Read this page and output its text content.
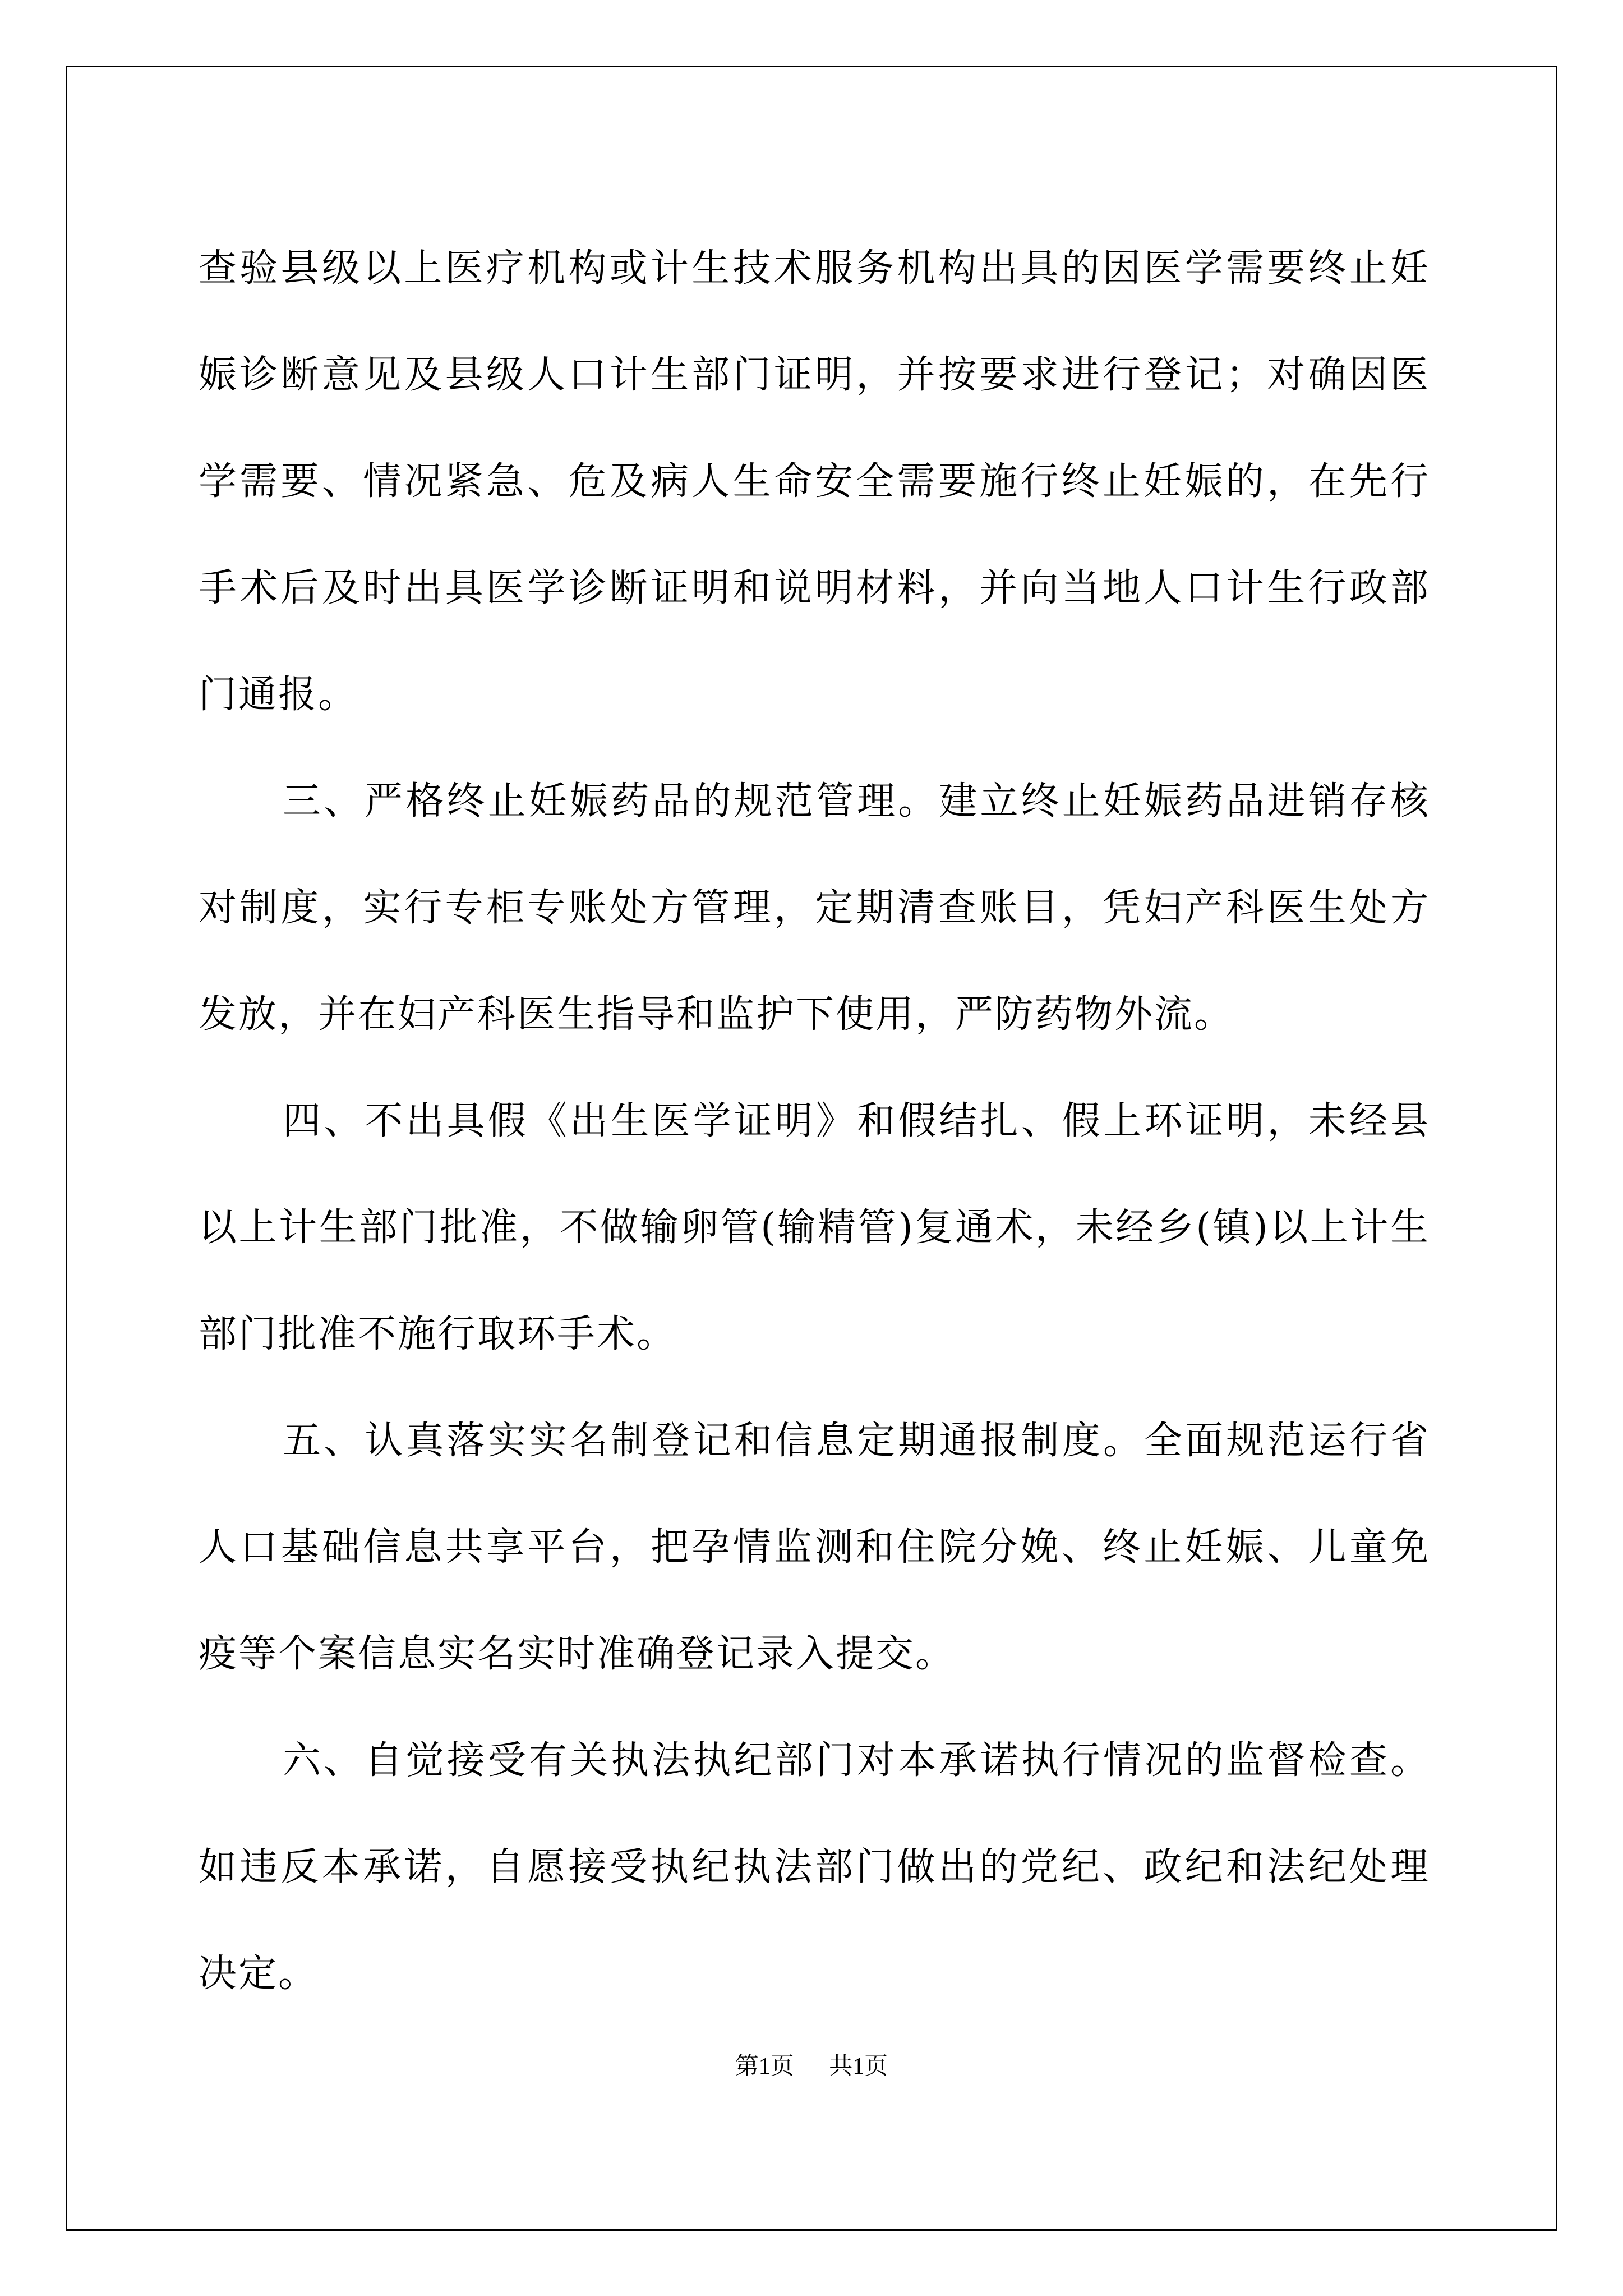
查验县级以上医疗机构或计生技术服务机构出具的因医学需要终止妊娠诊断意见及县级人口计生部门证明，并按要求进行登记；对确因医学需要、情况紧急、危及病人生命安全需要施行终止妊娠的，在先行手术后及时出具医学诊断证明和说明材料，并向当地人口计生行政部门通报。

三、严格终止妊娠药品的规范管理。建立终止妊娠药品进销存核对制度，实行专柜专账处方管理，定期清查账目，凭妇产科医生处方发放，并在妇产科医生指导和监护下使用，严防药物外流。

四、不出具假《出生医学证明》和假结扎、假上环证明，未经县以上计生部门批准，不做输卵管(输精管)复通术，未经乡(镇)以上计生部门批准不施行取环手术。

五、认真落实实名制登记和信息定期通报制度。全面规范运行省人口基础信息共享平台，把孕情监测和住院分娩、终止妊娠、儿童免疫等个案信息实名实时准确登记录入提交。

六、自觉接受有关执法执纪部门对本承诺执行情况的监督检查。如违反本承诺，自愿接受执纪执法部门做出的党纪、政纪和法纪处理决定。

第1页 共1页
